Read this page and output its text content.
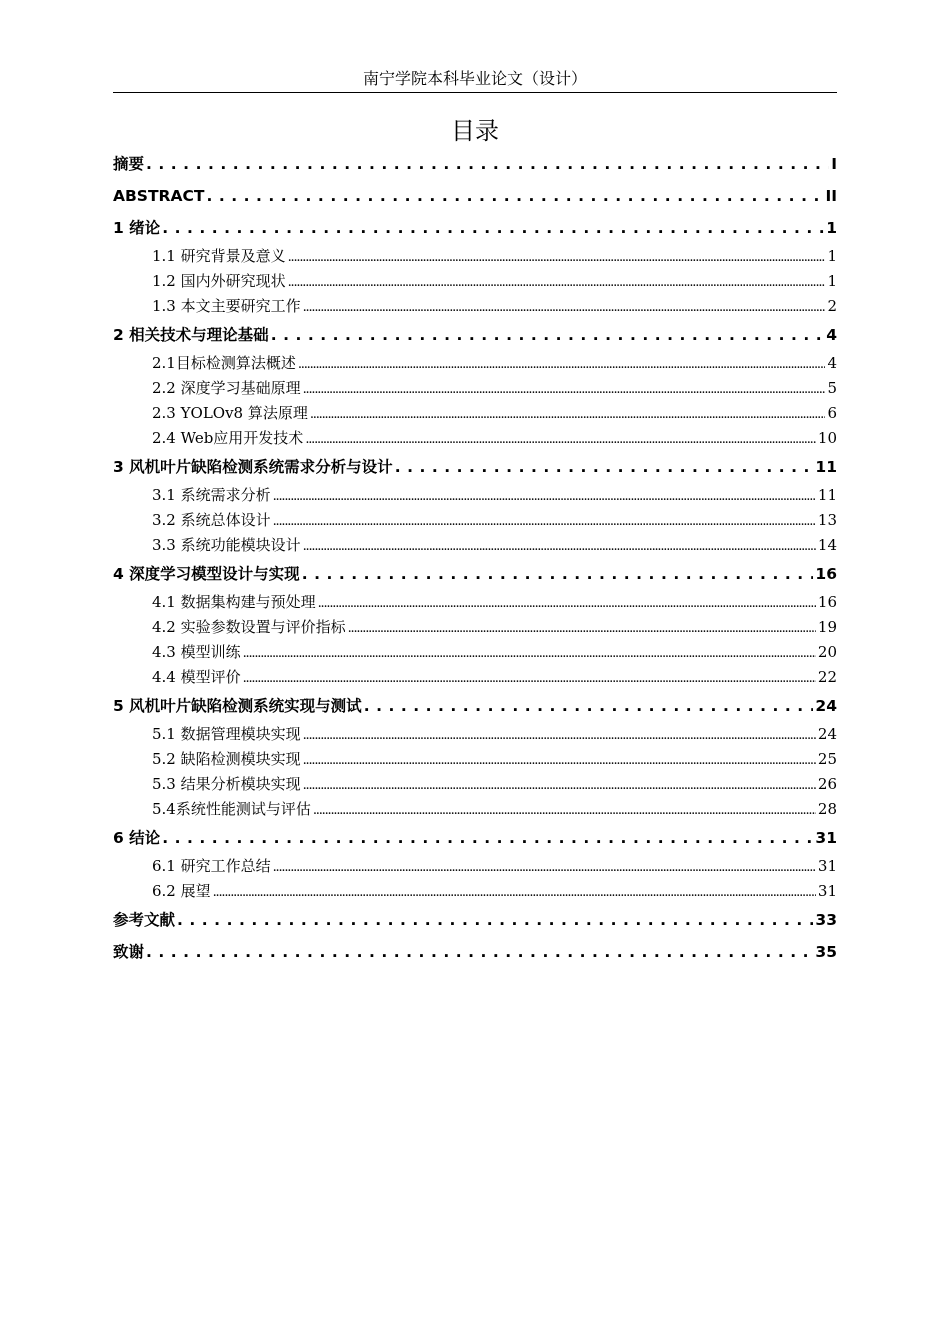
南宁学院本科毕业论文（设计）
目录
摘要 .....	I
ABSTRACT .....	II
1 绪论 .....	1
1.1 研究背景及意义 .....	1
1.2 国内外研究现状 .....	1
1.3 本文主要研究工作 .....	2
2 相关技术与理论基础 .....	4
2.1目标检测算法概述 .....	4
2.2 深度学习基础原理 .....	5
2.3 YOLOv8 算法原理 .....	6
2.4 Web应用开发技术 .....	10
3 风机叶片缺陷检测系统需求分析与设计 .....	11
3.1 系统需求分析 .....	11
3.2 系统总体设计 .....	13
3.3 系统功能模块设计 .....	14
4 深度学习模型设计与实现 .....	16
4.1 数据集构建与预处理 .....	16
4.2 实验参数设置与评价指标 .....	19
4.3 模型训练 .....	20
4.4 模型评价 .....	22
5 风机叶片缺陷检测系统实现与测试 .....	24
5.1 数据管理模块实现 .....	24
5.2 缺陷检测模块实现 .....	25
5.3 结果分析模块实现 .....	26
5.4系统性能测试与评估 .....	28
6 结论 .....	31
6.1 研究工作总结 .....	31
6.2 展望 .....	31
参考文献 .....	33
致谢 .....	35
